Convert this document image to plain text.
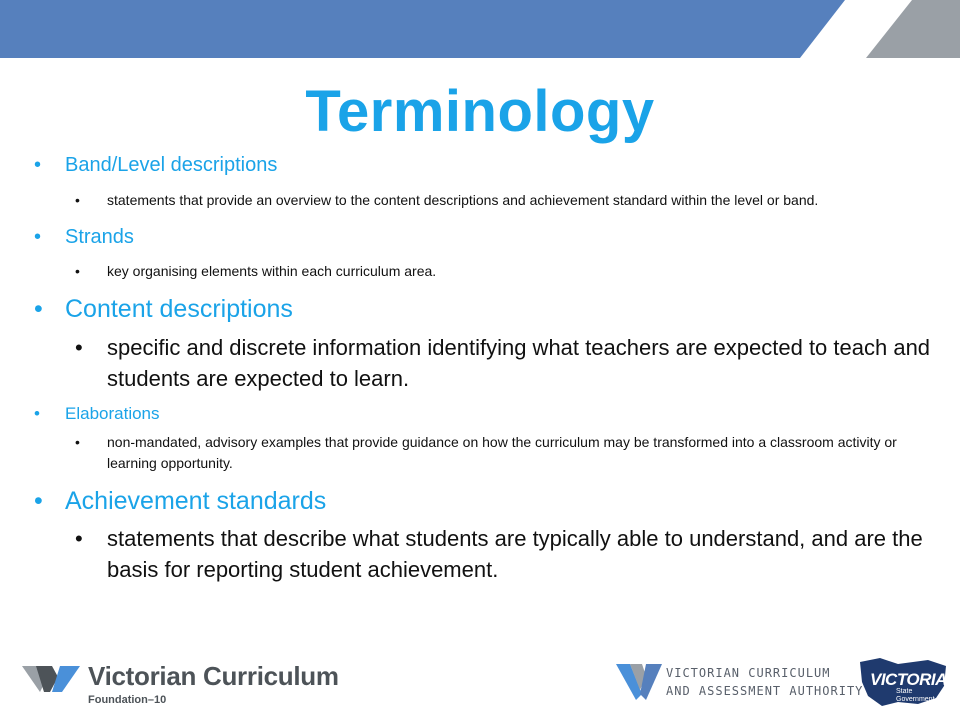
Terminology
• Band/Level descriptions
• statements that provide an overview to the content descriptions and achievement standard within the level or band.
• Strands
• key organising elements within each curriculum area.
• Content descriptions
• specific and discrete information identifying what teachers are expected to teach and students are expected to learn.
• Elaborations
• non-mandated, advisory examples that provide guidance on how the curriculum may be transformed into a classroom activity or learning opportunity.
• Achievement standards
• statements that describe what students are typically able to understand, and are the basis for reporting student achievement.
Victorian Curriculum
Foundation–10
VICTORIAN CURRICULUM
AND ASSESSMENT AUTHORITY
VICTORIA
State
Government
